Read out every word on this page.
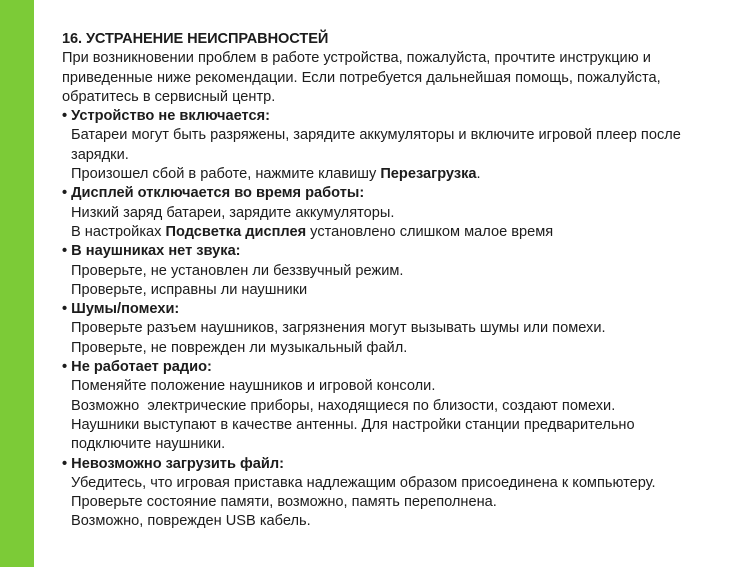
16. УСТРАНЕНИЕ НЕИСПРАВНОСТЕЙ
При возникновении проблем в работе устройства, пожалуйста, прочтите инструкцию и
приведенные ниже рекомендации. Если потребуется дальнейшая помощь, пожалуйста,
обратитесь в сервисный центр.
• Устройство не включается:
Батареи могут быть разряжены, зарядите аккумуляторы и включите игровой плеер после
зарядки.
Произошел сбой в работе, нажмите клавишу Перезагрузка.
• Дисплей отключается во время работы:
Низкий заряд батареи, зарядите аккумуляторы.
В настройках Подсветка дисплея установлено слишком малое время
• В наушниках нет звука:
Проверьте, не установлен ли беззвучный режим.
Проверьте, исправны ли наушники
• Шумы/помехи:
Проверьте разъем наушников, загрязнения могут вызывать шумы или помехи.
Проверьте, не поврежден ли музыкальный файл.
• Не работает радио:
Поменяйте положение наушников и игровой консоли.
Возможно  электрические приборы, находящиеся по близости, создают помехи.
Наушники выступают в качестве антенны. Для настройки станции предварительно
подключите наушники.
• Невозможно загрузить файл:
Убедитесь, что игровая приставка надлежащим образом присоединена к компьютеру.
Проверьте состояние памяти, возможно, память переполнена.
Возможно, поврежден USB кабель.
